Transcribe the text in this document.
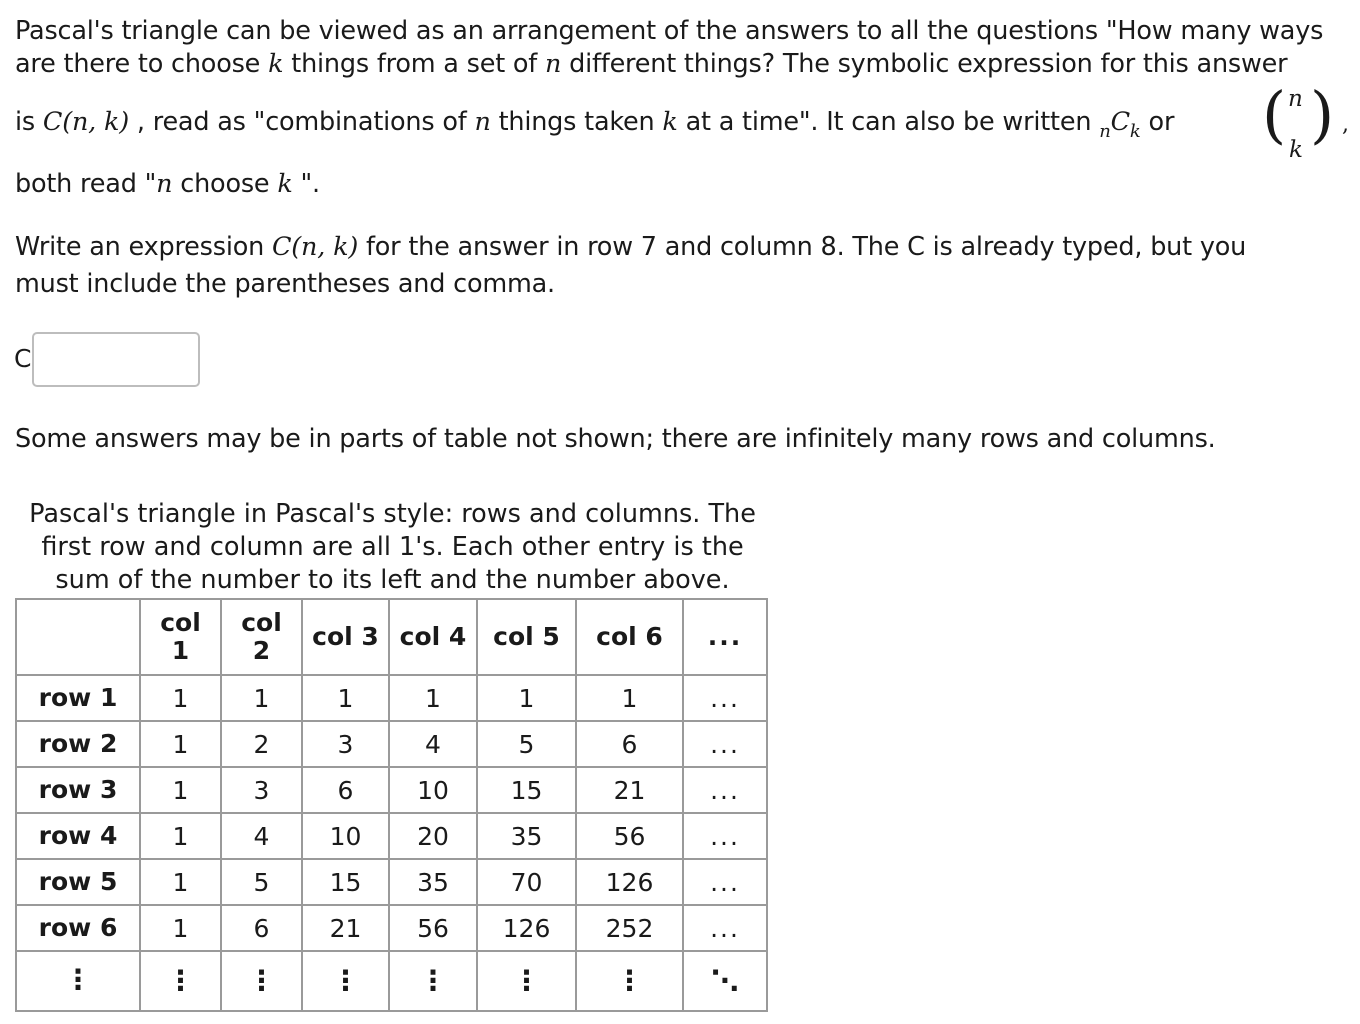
Pascal's triangle can be viewed as an arrangement of the answers to all the questions "How many ways
are there to choose k things from a set of n different things? The symbolic expression for this answer
is C(n, k) , read as "combinations of n things taken k at a time". It can also be written $_nC_k$ or ( n
k ) ,
both read "n choose k ".
Write an expression C(n, k) for the answer in row 7 and column 8. The C is already typed, but you
must include the parentheses and comma.
C
Some answers may be in parts of table not shown; there are infinitely many rows and columns.
Pascal's triangle in Pascal's style: rows and columns. The
first row and column are all 1's. Each other entry is the
sum of the number to its left and the number above.
	col 1	col 2	col 3	col 4	col 5	col 6	...
row 1	1	1	1	1	1	1	...
row 2	1	2	3	4	5	6	...
row 3	1	3	6	10	15	21	...
row 4	1	4	10	20	35	56	...
row 5	1	5	15	35	70	126	...
row 6	1	6	21	56	126	252	...
⋮	⋮	⋮	⋮	⋮	⋮	⋮	⋱
